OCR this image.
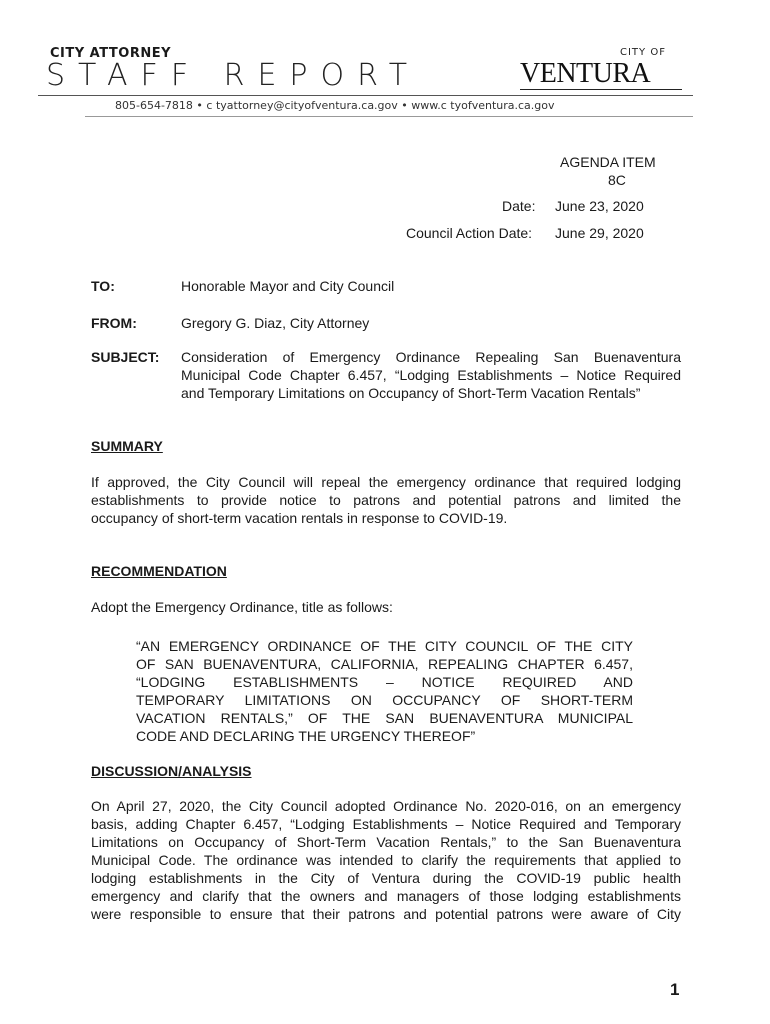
CITY ATTORNEY
STAFF REPORT
CITY OF
VENTURA
805-654-7818 • c tyattorney@cityofventura.ca.gov • www.c tyofventura.ca.gov
AGENDA ITEM
8C
Date: June 23, 2020
Council Action Date: June 29, 2020
TO:	Honorable Mayor and City Council
FROM:	Gregory G. Diaz, City Attorney
SUBJECT: Consideration of Emergency Ordinance Repealing San Buenaventura
Municipal Code Chapter 6.457, “Lodging Establishments – Notice Required
and Temporary Limitations on Occupancy of Short-Term Vacation Rentals”
SUMMARY
If approved, the City Council will repeal the emergency ordinance that required lodging
establishments to provide notice to patrons and potential patrons and limited the
occupancy of short-term vacation rentals in response to COVID-19.
RECOMMENDATION
Adopt the Emergency Ordinance, title as follows:
“AN EMERGENCY ORDINANCE OF THE CITY COUNCIL OF THE CITY
OF SAN BUENAVENTURA, CALIFORNIA, REPEALING CHAPTER 6.457,
“LODGING ESTABLISHMENTS – NOTICE REQUIRED AND
TEMPORARY LIMITATIONS ON OCCUPANCY OF SHORT-TERM
VACATION RENTALS,” OF THE SAN BUENAVENTURA MUNICIPAL
CODE AND DECLARING THE URGENCY THEREOF”
DISCUSSION/ANALYSIS
On April 27, 2020, the City Council adopted Ordinance No. 2020-016, on an emergency
basis, adding Chapter 6.457, “Lodging Establishments – Notice Required and Temporary
Limitations on Occupancy of Short-Term Vacation Rentals,” to the San Buenaventura
Municipal Code. The ordinance was intended to clarify the requirements that applied to
lodging establishments in the City of Ventura during the COVID-19 public health
emergency and clarify that the owners and managers of those lodging establishments
were responsible to ensure that their patrons and potential patrons were aware of City
1
